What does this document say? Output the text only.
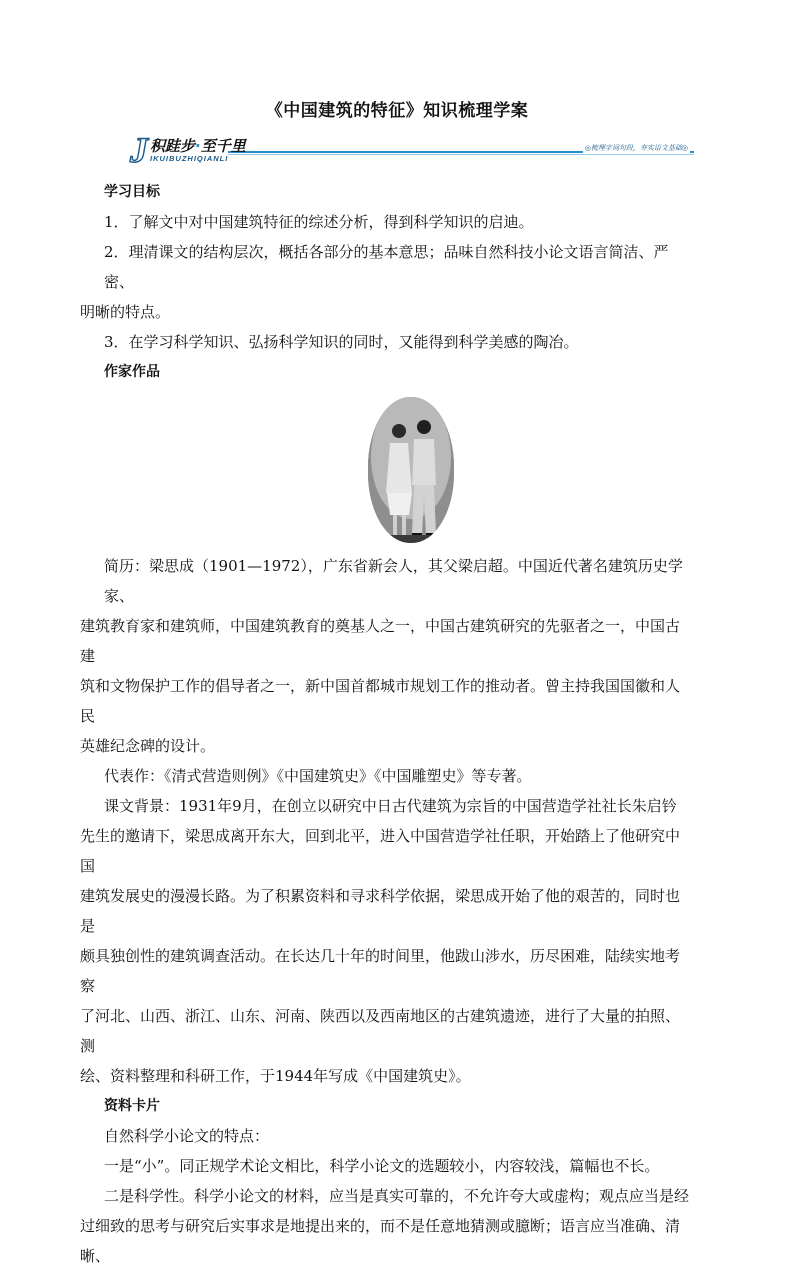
《中国建筑的特征》知识梳理学案
J 积跬步·至千里
IKUIBUZHIQIANLI
◎梳理字词句段，夯实语文基础◎

学习目标

1．了解文中对中国建筑特征的综述分析，得到科学知识的启迪。

2．理清课文的结构层次，概括各部分的基本意思；品味自然科技小论文语言简洁、严密、

明晰的特点。

3．在学习科学知识、弘扬科学知识的同时，又能得到科学美感的陶冶。

作家作品

简历：梁思成（1901—1972），广东省新会人，其父梁启超。中国近代著名建筑历史学家、

建筑教育家和建筑师，中国建筑教育的奠基人之一，中国古建筑研究的先驱者之一，中国古建

筑和文物保护工作的倡导者之一，新中国首都城市规划工作的推动者。曾主持我国国徽和人民

英雄纪念碑的设计。

代表作：《清式营造则例》《中国建筑史》《中国雕塑史》等专著。

课文背景：1931年9月，在创立以研究中日古代建筑为宗旨的中国营造学社社长朱启钤

先生的邀请下，梁思成离开东大，回到北平，进入中国营造学社任职，开始踏上了他研究中国

建筑发展史的漫漫长路。为了积累资料和寻求科学依据，梁思成开始了他的艰苦的，同时也是

颇具独创性的建筑调查活动。在长达几十年的时间里，他跋山涉水，历尽困难，陆续实地考察

了河北、山西、浙江、山东、河南、陕西以及西南地区的古建筑遗迹，进行了大量的拍照、测

绘、资料整理和科研工作，于1944年写成《中国建筑史》。

资料卡片

自然科学小论文的特点：

一是“小”。同正规学术论文相比，科学小论文的选题较小，内容较浅，篇幅也不长。

二是科学性。科学小论文的材料，应当是真实可靠的，不允许夸大或虚构；观点应当是经

过细致的思考与研究后实事求是地提出来的，而不是任意地猜测或臆断；语言应当准确、清晰、
